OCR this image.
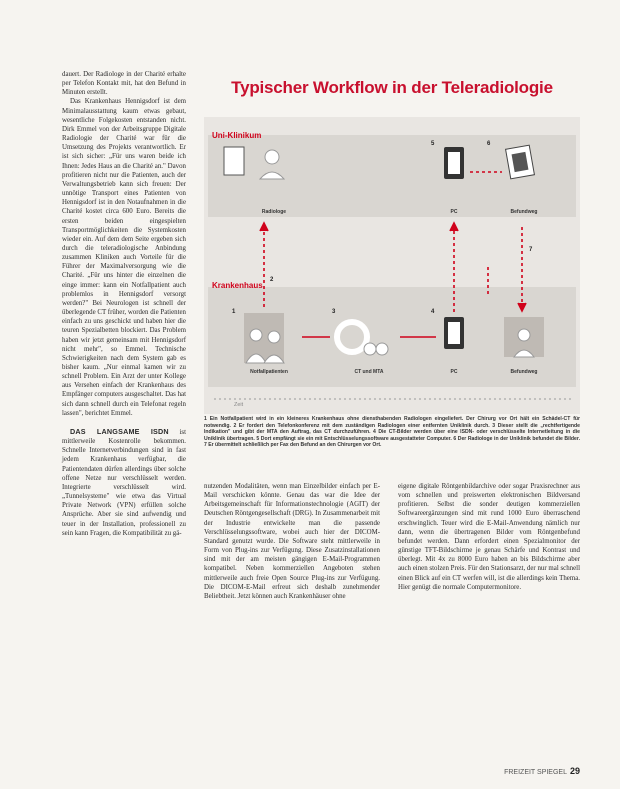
dauert. Der Radiologe in der Charité erhalte per Telefon Kontakt mit, hat den Befund in Minuten erstellt.

Das Krankenhaus Hennigsdorf ist dem Minimalausstattung kaum etwas gebaut, wesentliche Folgekosten entstanden nicht. Dirk Emmel von der Arbeitsgruppe Digitale Radiologie der Charité war für die Umsetzung des Projekts verantwortlich. Er ist sich sicher: „Für uns waren beide ich Ihnen: Jedes Haus an die Charité an." Davon profitieren nicht nur die Patienten, auch der Verwaltungsbetrieb kann sich freuen: Der unnötige Transport eines Patienten von Hennigsdorf ist in den Notaufnahmen in die Charité kostet circa 600 Euro. Bereits die ersten beiden eingespielten Transportmöglichkeiten die Systemkosten wieder ein. Auf dem dem Seite ergeben sich durch die teleradiologische Anbindung zusammen Kliniken auch Vorteile für die Führer der Maximalversorgung wie die Charité. „Für uns hinter die einzelnen die einge immer: kann ein Notfallpatient auch problemlos in Hennigsdorf versorgt werden?" Bei Neurologen ist schnell der überlegende CT früher, worden die Patienten einfach zu uns geschickt und haben hier die teuren Spezialbetten blockiert. Das Problem haben wir jetzt gemeinsam mit Hennigsdorf nicht mehr", so Emmel. Technische Schwierigkeiten nach dem System gab es bisher kaum. „Nur einmal kamen wir zu schnell Problem. Ein Arzt der unter Kollege aus Versehen einfach der Krankenhaus des Empfänger computers ausgeschaltet. Das hat sich dann schnell durch ein Telefonat regeln lassen", berichtet Emmel.

DAS LANGSAME ISDN ist mittlerweile Kostenrolle bekommen. Schnelle Internetverbindungen sind in fast jedem Krankenhaus verfügbar, die Patientendaten dürfen allerdings über solche offene Netze nur verschlüsselt werden. Integrierte verschlüsselt wird. „Tunnelsysteme" wie etwa das Virtual Private Network (VPN) erfüllen solche Ansprüche. Aber sie sind aufwendig und teuer in der Installation, professionell zu sein kann Fragen, die Kompatibilität zu gä-

Typischer Workflow in der Teleradiologie
Uni-Klinikum
Krankenhaus
Radiologe	PC	Befundweg
Notfallpatienten	CT und MTA	PC	Befundweg
5	6
7
2
1	3	4
Zeit
1 Ein Notfallpatient wird in ein kleineres Krankenhaus ohne diensthabenden Radiologen eingeliefert. Der Chirurg vor Ort hält ein Schädel-CT für notwendig. 2 Er fordert den Telefonkonferenz mit dem zuständigen Radiologen einer entfernten Uniklinik durch. 3 Dieser stellt die „rechtfertigende Indikation" und gibt der MTA den Auftrag, das CT durchzuführen. 4 Die CT-Bilder werden über eine ISDN- oder verschlüsselte Internetleitung in die Uniklinik übertragen. 5 Dort empfängt sie ein mit Entschlüsselungssoftware ausgestatteter Computer. 6 Der Radiologe in der Uniklinik befundet die Bilder. 7 Er übermittelt schließlich per Fax den Befund an den Chirurgen vor Ort.

nutzenden Modalitäten, wenn man Einzelbilder einfach per E-Mail verschicken könnte. Genau das war die Idee der Arbeitsgemeinschaft für Informationstechnologie (AGIT) der Deutschen Röntgengesellschaft (DRG). In Zusammenarbeit mit der Industrie entwickelte man die passende Verschlüsselungssoftware, wobei auch hier der DICOM-Standard genutzt wurde. Die Software steht mittlerweile in Form von Plug-ins zur Verfügung. Diese Zusatzinstallationen sind mit der am meisten gängigen E-Mail-Programmen kompatibel. Neben kommerziellen Angeboten stehen mittlerweile auch freie Open Source Plug-ins zur Verfügung. Die DICOM-E-Mail erfreut sich deshalb zunehmender Beliebtheit. Jetzt können auch Krankenhäuser ohne

eigene digitale Röntgenbildarchive oder sogar Praxisrechner aus vom schnellen und preiswerten elektronischen Bildversand profitieren. Selbst die sonder deutigen kommerziellen Softwareergänzungen sind mit rund 1000 Euro überraschend erschwinglich. Teuer wird die E-Mail-Anwendung nämlich nur dann, wenn die übertragenen Bilder vom Röntgenbefund befundet werden. Dann erfordert einen Spezialmonitor der günstige TFT-Bildschirme je genau Schärfe und Kontrast und überlegt. Mit 4x zu 8000 Euro haben an bis Bildschirme aber auch einen stolzen Preis. Für den Stationsarzt, der nur mal schnell einen Blick auf ein CT werfen will, ist die allerdings kein Thema. Hier genügt die normale Computermonitore.

FREIZEIT SPIEGEL 29
